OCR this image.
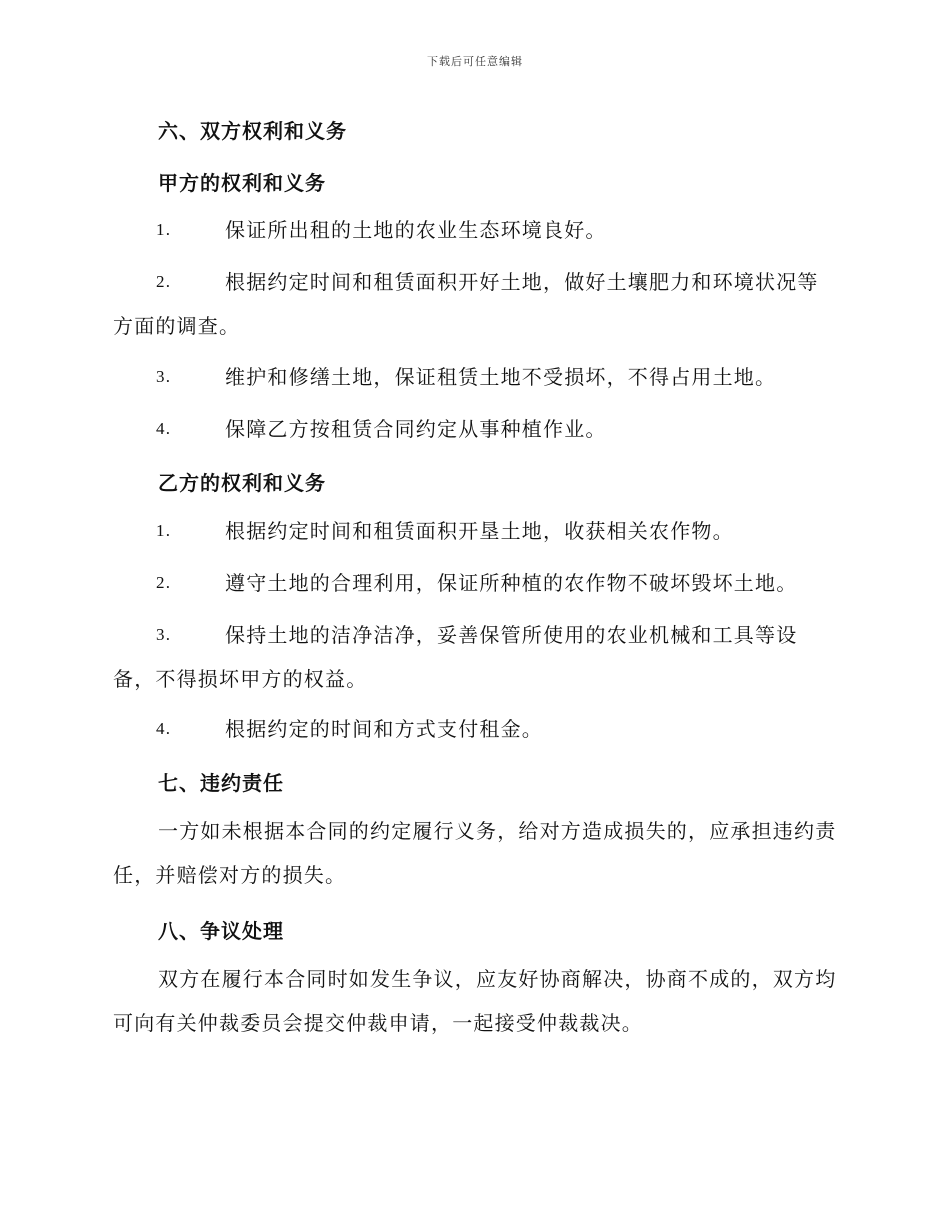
下载后可任意编辑
六、双方权利和义务
甲方的权利和义务
1.	保证所出租的土地的农业生态环境良好。
2.	根据约定时间和租赁面积开好土地，做好土壤肥力和环境状况等方面的调查。
3.	维护和修缮土地，保证租赁土地不受损坏，不得占用土地。
4.	保障乙方按租赁合同约定从事种植作业。
乙方的权利和义务
1.	根据约定时间和租赁面积开垦土地，收获相关农作物。
2.	遵守土地的合理利用，保证所种植的农作物不破坏毁坏土地。
3.	保持土地的洁净洁净，妥善保管所使用的农业机械和工具等设备，不得损坏甲方的权益。
4.	根据约定的时间和方式支付租金。
七、违约责任
一方如未根据本合同的约定履行义务，给对方造成损失的，应承担违约责任，并赔偿对方的损失。
八、争议处理
双方在履行本合同时如发生争议，应友好协商解决，协商不成的，双方均可向有关仲裁委员会提交仲裁申请，一起接受仲裁裁决。
